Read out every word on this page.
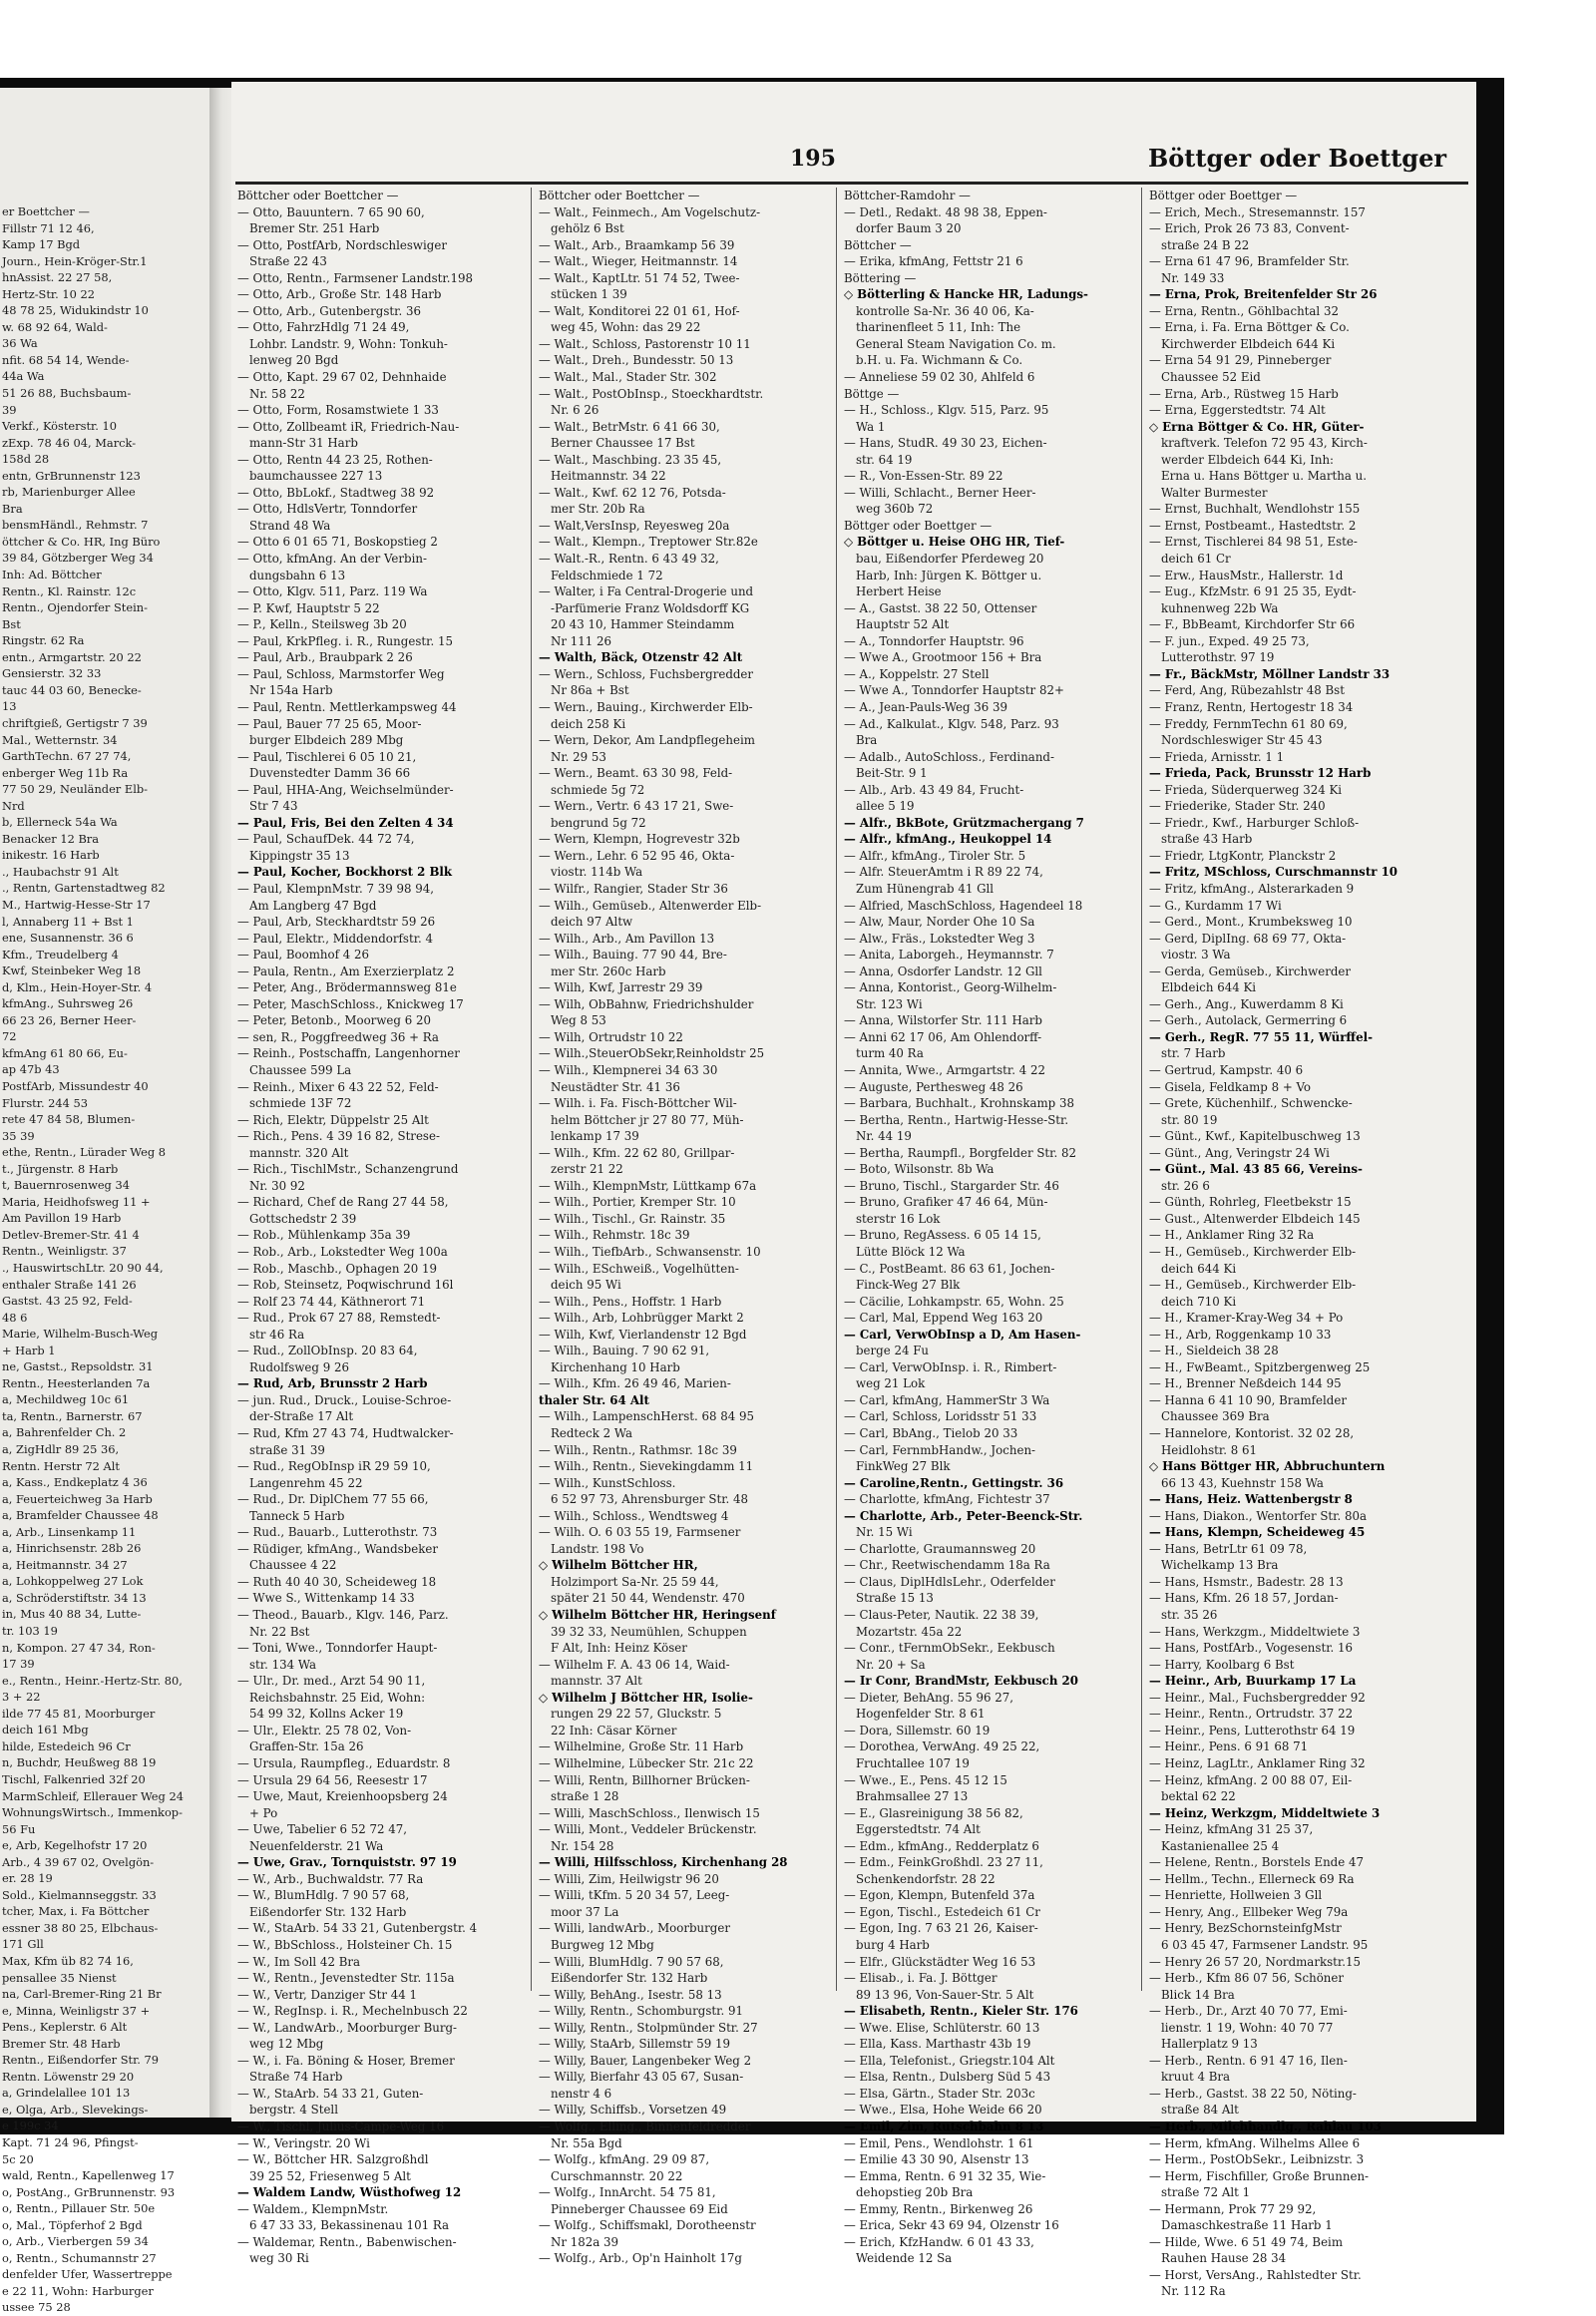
er Boettcher —
Fillstr 71 12 46,
Kamp 17 Bgd
Journ., Hein-Kröger-Str.1
hnAssist. 22 27 58,
Hertz-Str. 10 22
48 78 25, Widukindstr 10
w. 68 92 64, Wald-
36 Wa
nfit. 68 54 14, Wende-
44a Wa
51 26 88, Buchsbaum-
39
Verkf., Kösterstr. 10
zExp. 78 46 04, Marck-
158d 28
entn, GrBrunnenstr 123
rb, Marienburger Allee
Bra
bensmHändl., Rehmstr. 7
öttcher & Co. HR, Ing Büro
39 84, Götzberger Weg 34
Inh: Ad. Böttcher
Rentn., Kl. Rainstr. 12c
Rentn., Ojendorfer Stein-
Bst
Ringstr. 62 Ra
entn., Armgartstr. 20 22
Gensierstr. 32 33
tauc 44 03 60, Benecke-
13
chriftgieß, Gertigstr 7 39
Mal., Wetternstr. 34
GarthTechn. 67 27 74,
enberger Weg 11b Ra
77 50 29, Neuländer Elb-
Nrd
b, Ellerneck 54a Wa
Benacker 12 Bra
inikestr. 16 Harb
., Haubachstr 91 Alt
., Rentn, Gartenstadtweg 82
M., Hartwig-Hesse-Str 17
l, Annaberg 11 + Bst 1
ene, Susannenstr. 36 6
Kfm., Treudelberg 4
Kwf, Steinbeker Weg 18
d, Klm., Hein-Hoyer-Str. 4
kfmAng., Suhrsweg 26
66 23 26, Berner Heer-
72
kfmAng 61 80 66, Eu-
ap 47b 43
PostfArb, Missundestr 40
Flurstr. 244 53
rete 47 84 58, Blumen-
35 39
ethe, Rentn., Lürader Weg 8
t., Jürgenstr. 8 Harb
t, Bauernrosenweg 34
Maria, Heidhofsweg 11 +
Am Pavillon 19 Harb
Detlev-Bremer-Str. 41 4
Rentn., Weinligstr. 37
., HauswirtschLtr. 20 90 44,
enthaler Straße 141 26
Gastst. 43 25 92, Feld-
48 6
Marie, Wilhelm-Busch-Weg
+ Harb 1
ne, Gastst., Repsoldstr. 31
Rentn., Heesterlanden 7a
a, Mechildweg 10c 61
ta, Rentn., Barnerstr. 67
a, Bahrenfelder Ch. 2
a, ZigHdlr 89 25 36,
Rentn. Herstr 72 Alt
a, Kass., Endkeplatz 4 36
a, Feuerteichweg 3a Harb
a, Bramfelder Chaussee 48
a, Arb., Linsenkamp 11
a, Hinrichsenstr. 28b 26
a, Heitmannstr. 34 27
a, Lohkoppelweg 27 Lok
a, Schröderstiftstr. 34 13
in, Mus 40 88 34, Lutte-
tr. 103 19
n, Kompon. 27 47 34, Ron-
17 39
e., Rentn., Heinr.-Hertz-Str. 80,
3 + 22
ilde 77 45 81, Moorburger
deich 161 Mbg
hilde, Estedeich 96 Cr
n, Buchdr, Heußweg 88 19
Tischl, Falkenried 32f 20
MarmSchleif, Ellerauer Weg 24
WohnungsWirtsch., Immenkop-
56 Fu
e, Arb, Kegelhofstr 17 20
Arb., 4 39 67 02, Ovelgön-
er. 28 19
Sold., Kielmannseggstr. 33
tcher, Max, i. Fa Böttcher
essner 38 80 25, Elbchaus-
171 Gll
Max, Kfm üb 82 74 16,
pensallee 35 Nienst
na, Carl-Bremer-Ring 21 Br
e, Minna, Weinligstr 37 +
Pens., Keplerstr. 6 Alt
Bremer Str. 48 Harb
Rentn., Eißendorfer Str. 79
Rentn. Löwenstr 29 20
a, Grindelallee 101 13
e, Olga, Arb., Slevekings-
e 199c 34
Kapt. 71 24 96, Pfingst-
5c 20
wald, Rentn., Kapellenweg 17
o, PostAng., GrBrunnenstr. 93
o, Rentn., Pillauer Str. 50e
o, Mal., Töpferhof 2 Bgd
o, Arb., Vierbergen 59 34
o, Rentn., Schumannstr 27
denfelder Ufer, Wassertreppe
e 22 11, Wohn: Harburger
ussee 75 28
195	Böttger oder Boettger
Böttcher oder Boettcher —
— Otto, Bauuntern. 7 65 90 60,
Bremer Str. 251 Harb
— Otto, PostfArb, Nordschleswiger
Straße 22 43
— Otto, Rentn., Farmsener Landstr.198
— Otto, Arb., Große Str. 148 Harb
— Otto, Arb., Gutenbergstr. 36
— Otto, FahrzHdlg 71 24 49,
Lohbr. Landstr. 9, Wohn: Tonkuh-
lenweg 20 Bgd
— Otto, Kapt. 29 67 02, Dehnhaide
Nr. 58 22
— Otto, Form, Rosamstwiete 1 33
— Otto, Zollbeamt iR, Friedrich-Nau-
mann-Str 31 Harb
— Otto, Rentn 44 23 25, Rothen-
baumchaussee 227 13
— Otto, BbLokf., Stadtweg 38 92
— Otto, HdlsVertr, Tonndorfer
Strand 48 Wa
— Otto 6 01 65 71, Boskopstieg 2
— Otto, kfmAng. An der Verbin-
dungsbahn 6 13
— Otto, Klgv. 511, Parz. 119 Wa
— P. Kwf, Hauptstr 5 22
— P., Kelln., Steilsweg 3b 20
— Paul, KrkPfleg. i. R., Rungestr. 15
— Paul, Arb., Braubpark 2 26
— Paul, Schloss, Marmstorfer Weg
Nr 154a Harb
— Paul, Rentn. Mettlerkampsweg 44
— Paul, Bauer 77 25 65, Moor-
burger Elbdeich 289 Mbg
— Paul, Tischlerei 6 05 10 21,
Duvenstedter Damm 36 66
— Paul, HHA-Ang, Weichselmünder-
Str 7 43
— Paul, Fris, Bei den Zelten 4 34
— Paul, SchaufDek. 44 72 74,
Kippingstr 35 13
— Paul, Kocher, Bockhorst 2 Blk
— Paul, KlempnMstr. 7 39 98 94,
Am Langberg 47 Bgd
— Paul, Arb, Steckhardtstr 59 26
— Paul, Elektr., Middendorfstr. 4
— Paul, Boomhof 4 26
— Paula, Rentn., Am Exerzierplatz 2
— Peter, Ang., Brödermannsweg 81e
— Peter, MaschSchloss., Knickweg 17
— Peter, Betonb., Moorweg 6 20
— sen, R., Poggfreedweg 36 + Ra
— Reinh., Postschaffn, Langenhorner
Chaussee 599 La
— Reinh., Mixer 6 43 22 52, Feld-
schmiede 13F 72
— Rich, Elektr, Düppelstr 25 Alt
— Rich., Pens. 4 39 16 82, Strese-
mannstr. 320 Alt
— Rich., TischlMstr., Schanzengrund
Nr. 30 92
— Richard, Chef de Rang 27 44 58,
Gottschedstr 2 39
— Rob., Mühlenkamp 35a 39
— Rob., Arb., Lokstedter Weg 100a
— Rob., Maschb., Ophagen 20 19
— Rob, Steinsetz, Poqwischrund 16l
— Rolf 23 74 44, Käthnerort 71
— Rud., Prok 67 27 88, Remstedt-
str 46 Ra
— Rud., ZollObInsp. 20 83 64,
Rudolfsweg 9 26
— Rud, Arb, Brunsstr 2 Harb
— jun. Rud., Druck., Louise-Schroe-
der-Straße 17 Alt
— Rud, Kfm 27 43 74, Hudtwalcker-
straße 31 39
— Rud., RegObInsp iR 29 59 10,
Langenrehm 45 22
— Rud., Dr. DiplChem 77 55 66,
Tanneck 5 Harb
— Rud., Bauarb., Lutterothstr. 73
— Rüdiger, kfmAng., Wandsbeker
Chaussee 4 22
— Ruth 40 40 30, Scheideweg 18
— Wwe S., Wittenkamp 14 33
— Theod., Bauarb., Klgv. 146, Parz.
Nr. 22 Bst
— Toni, Wwe., Tonndorfer Haupt-
str. 134 Wa
— Ulr., Dr. med., Arzt 54 90 11,
Reichsbahnstr. 25 Eid, Wohn:
54 99 32, Kollns Acker 19
— Ulr., Elektr. 25 78 02, Von-
Graffen-Str. 15a 26
— Ursula, Raumpfleg., Eduardstr. 8
— Ursula 29 64 56, Reesestr 17
— Uwe, Maut, Kreienhoopsberg 24
+ Po
— Uwe, Tabelier 6 52 72 47,
Neuenfelderstr. 21 Wa
— Uwe, Grav., Tornquiststr. 97 19
— W., Arb., Buchwaldstr. 77 Ra
— W., BlumHdlg. 7 90 57 68,
Eißendorfer Str. 132 Harb
— W., StaArb. 54 33 21, Gutenbergstr. 4
— W., BbSchloss., Holsteiner Ch. 15
— W., Im Soll 42 Bra
— W., Rentn., Jevenstedter Str. 115a
— W., Vertr, Danziger Str 44 1
— W., RegInsp. i. R., Mechelnbusch 22
— W., LandwArb., Moorburger Burg-
weg 12 Mbg
— W., i. Fa. Böning & Hoser, Bremer
Straße 74 Harb
— W., StaArb. 54 33 21, Guten-
bergstr. 4 Stell
— W., Tischl, Julius-Campe-Weg 16
— W., Veringstr. 20 Wi
— W., Böttcher HR. Salzgroßhdl
39 25 52, Friesenweg 5 Alt
— Waldem Landw, Wüsthofweg 12
— Waldem., KlempnMstr.
6 47 33 33, Bekassinenau 101 Ra
— Waldemar, Rentn., Babenwischen-
weg 30 Ri
Böttcher oder Boettcher —
— Walt., Feinmech., Am Vogelschutz-
gehölz 6 Bst
— Walt., Arb., Braamkamp 56 39
— Walt., Wieger, Heitmannstr. 14
— Walt., KaptLtr. 51 74 52, Twee-
stücken 1 39
— Walt, Konditorei 22 01 61, Hof-
weg 45, Wohn: das 29 22
— Walt., Schloss, Pastorenstr 10 11
— Walt., Dreh., Bundesstr. 50 13
— Walt., Mal., Stader Str. 302
— Walt., PostObInsp., Stoeckhardtstr.
Nr. 6 26
— Walt., BetrMstr. 6 41 66 30,
Berner Chaussee 17 Bst
— Walt., Maschbing. 23 35 45,
Heitmannstr. 34 22
— Walt., Kwf. 62 12 76, Potsda-
mer Str. 20b Ra
— Walt,VersInsp, Reyesweg 20a
— Walt., Klempn., Treptower Str.82e
— Walt.-R., Rentn. 6 43 49 32,
Feldschmiede 1 72
— Walter, i Fa Central-Drogerie und
-Parfümerie Franz Woldsdorff KG
20 43 10, Hammer Steindamm
Nr 111 26
— Walth, Bäck, Otzenstr 42 Alt
— Wern., Schloss, Fuchsbergredder
Nr 86a + Bst
— Wern., Bauing., Kirchwerder Elb-
deich 258 Ki
— Wern, Dekor, Am Landpflegeheim
Nr. 29 53
— Wern., Beamt. 63 30 98, Feld-
schmiede 5g 72
— Wern., Vertr. 6 43 17 21, Swe-
bengrund 5g 72
— Wern, Klempn, Hogrevestr 32b
— Wern., Lehr. 6 52 95 46, Okta-
viostr. 114b Wa
— Wilfr., Rangier, Stader Str 36
— Wilh., Gemüseb., Altenwerder Elb-
deich 97 Altw
— Wilh., Arb., Am Pavillon 13
— Wilh., Bauing. 77 90 44, Bre-
mer Str. 260c Harb
— Wilh, Kwf, Jarrestr 29 39
— Wilh, ObBahnw, Friedrichshulder
Weg 8 53
— Wilh, Ortrudstr 10 22
— Wilh.,SteuerObSekr,Reinholdstr 25
— Wilh., Klempnerei 34 63 30
Neustädter Str. 41 36
— Wilh. i. Fa. Fisch-Böttcher Wil-
helm Böttcher jr 27 80 77, Müh-
lenkamp 17 39
— Wilh., Kfm. 22 62 80, Grillpar-
zerstr 21 22
— Wilh., KlempnMstr, Lüttkamp 67a
— Wilh., Portier, Kremper Str. 10
— Wilh., Tischl., Gr. Rainstr. 35
— Wilh., Rehmstr. 18c 39
— Wilh., TiefbArb., Schwansenstr. 10
— Wilh., ESchweiß., Vogelhütten-
deich 95 Wi
— Wilh., Pens., Hoffstr. 1 Harb
— Wilh., Arb, Lohbrügger Markt 2
— Wilh, Kwf, Vierlandenstr 12 Bgd
— Wilh., Bauing. 7 90 62 91,
Kirchenhang 10 Harb
— Wilh., Kfm. 26 49 46, Marien-
thaler Str. 64 Alt
— Wilh., LampenschHerst. 68 84 95
Redteck 2 Wa
— Wilh., Rentn., Rathmsr. 18c 39
— Wilh., Rentn., Sievekingdamm 11
— Wilh., KunstSchloss.
6 52 97 73, Ahrensburger Str. 48
— Wilh., Schloss., Wendtsweg 4
— Wilh. O. 6 03 55 19, Farmsener
Landstr. 198 Vo
◇ Wilhelm Böttcher HR,
Holzimport Sa-Nr. 25 59 44,
später 21 50 44, Wendenstr. 470
◇ Wilhelm Böttcher HR, Heringsenf
39 32 33, Neumühlen, Schuppen
F Alt, Inh: Heinz Köser
— Wilhelm F. A. 43 06 14, Waid-
mannstr. 37 Alt
◇ Wilhelm J Böttcher HR, Isolie-
rungen 29 22 57, Gluckstr. 5
22 Inh: Cäsar Körner
— Wilhelmine, Große Str. 11 Harb
— Wilhelmine, Lübecker Str. 21c 22
— Willi, Rentn, Billhorner Brücken-
straße 1 28
— Willi, MaschSchloss., Ilenwisch 15
— Willi, Mont., Veddeler Brückenstr.
Nr. 154 28
— Willi, Hilfsschloss, Kirchenhang 28
— Willi, Zim, Heilwigstr 96 20
— Willi, tKfm. 5 20 34 57, Leeg-
moor 37 La
— Willi, landwArb., Moorburger
Burgweg 12 Mbg
— Willi, BlumHdlg. 7 90 57 68,
Eißendorfer Str. 132 Harb
— Willy, BehAng., Isestr. 58 13
— Willy, Rentn., Schomburgstr. 91
— Willy, Rentn., Stolpmünder Str. 27
— Willy, StaArb, Sillemstr 59 19
— Willy, Bauer, Langenbeker Weg 2
— Willy, Bierfahr 43 05 67, Susan-
nenstr 4 6
— Willy, Schiffsb., Vorsetzen 49
— Wolfg., Elling., Binnenfeldredder
Nr. 55a Bgd
— Wolfg., kfmAng. 29 09 87,
Curschmannstr. 20 22
— Wolfg., InnArcht. 54 75 81,
Pinneberger Chaussee 69 Eid
— Wolfg., Schiffsmakl, Dorotheenstr
Nr 182a 39
— Wolfg., Arb., Op'n Hainholt 17g
Böttcher-Ramdohr —
— Detl., Redakt. 48 98 38, Eppen-
dorfer Baum 3 20
Böttcher —
— Erika, kfmAng, Fettstr 21 6
Böttering —
◇ Bötterling & Hancke HR, Ladungs-
kontrolle Sa-Nr. 36 40 06, Ka-
tharinenfleet 5 11, Inh: The
General Steam Navigation Co. m.
b.H. u. Fa. Wichmann & Co.
— Anneliese 59 02 30, Ahlfeld 6
Böttge —
— H., Schloss., Klgv. 515, Parz. 95
Wa 1
— Hans, StudR. 49 30 23, Eichen-
str. 64 19
— R., Von-Essen-Str. 89 22
— Willi, Schlacht., Berner Heer-
weg 360b 72
Böttger oder Boettger —
◇ Böttger u. Heise OHG HR, Tief-
bau, Eißendorfer Pferdeweg 20
Harb, Inh: Jürgen K. Böttger u.
Herbert Heise
— A., Gastst. 38 22 50, Ottenser
Hauptstr 52 Alt
— A., Tonndorfer Hauptstr. 96
— Wwe A., Grootmoor 156 + Bra
— A., Koppelstr. 27 Stell
— Wwe A., Tonndorfer Hauptstr 82+
— A., Jean-Pauls-Weg 36 39
— Ad., Kalkulat., Klgv. 548, Parz. 93
Bra
— Adalb., AutoSchloss., Ferdinand-
Beit-Str. 9 1
— Alb., Arb. 43 49 84, Frucht-
allee 5 19
— Alfr., BkBote, Grützmachergang 7
— Alfr., kfmAng., Heukoppel 14
— Alfr., kfmAng., Tiroler Str. 5
— Alfr. SteuerAmtm i R 89 22 74,
Zum Hünengrab 41 Gll
— Alfried, MaschSchloss, Hagendeel 18
— Alw, Maur, Norder Ohe 10 Sa
— Alw., Fräs., Lokstedter Weg 3
— Anita, Laborgeh., Heymannstr. 7
— Anna, Osdorfer Landstr. 12 Gll
— Anna, Kontorist., Georg-Wilhelm-
Str. 123 Wi
— Anna, Wilstorfer Str. 111 Harb
— Anni 62 17 06, Am Ohlendorff-
turm 40 Ra
— Annita, Wwe., Armgartstr. 4 22
— Auguste, Perthesweg 48 26
— Barbara, Buchhalt., Krohnskamp 38
— Bertha, Rentn., Hartwig-Hesse-Str.
Nr. 44 19
— Bertha, Raumpfl., Borgfelder Str. 82
— Boto, Wilsonstr. 8b Wa
— Bruno, Tischl., Stargarder Str. 46
— Bruno, Grafiker 47 46 64, Mün-
sterstr 16 Lok
— Bruno, RegAssess. 6 05 14 15,
Lütte Blöck 12 Wa
— C., PostBeamt. 86 63 61, Jochen-
Finck-Weg 27 Blk
— Cäcilie, Lohkampstr. 65, Wohn. 25
— Carl, Mal, Eppend Weg 163 20
— Carl, VerwObInsp a D, Am Hasen-
berge 24 Fu
— Carl, VerwObInsp. i. R., Rimbert-
weg 21 Lok
— Carl, kfmAng, HammerStr 3 Wa
— Carl, Schloss, Loridsstr 51 33
— Carl, BbAng., Tielob 20 33
— Carl, FernmbHandw., Jochen-
FinkWeg 27 Blk
— Caroline,Rentn., Gettingstr. 36
— Charlotte, kfmAng, Fichtestr 37
— Charlotte, Arb., Peter-Beenck-Str.
Nr. 15 Wi
— Charlotte, Graumannsweg 20
— Chr., Reetwischendamm 18a Ra
— Claus, DiplHdlsLehr., Oderfelder
Straße 15 13
— Claus-Peter, Nautik. 22 38 39,
Mozartstr. 45a 22
— Conr., tFernmObSekr., Eekbusch
Nr. 20 + Sa
— Ir Conr, BrandMstr, Eekbusch 20
— Dieter, BehAng. 55 96 27,
Hogenfelder Str. 8 61
— Dora, Sillemstr. 60 19
— Dorothea, VerwAng. 49 25 22,
Fruchtallee 107 19
— Wwe., E., Pens. 45 12 15
Brahmsallee 27 13
— E., Glasreinigung 38 56 82,
Eggerstedtstr. 74 Alt
— Edm., kfmAng., Redderplatz 6
— Edm., FeinkGroßhdl. 23 27 11,
Schenkendorfstr. 28 22
— Egon, Klempn, Butenfeld 37a
— Egon, Tischl., Estedeich 61 Cr
— Egon, Ing. 7 63 21 26, Kaiser-
burg 4 Harb
— Elfr., Glückstädter Weg 16 53
— Elisab., i. Fa. J. Böttger
89 13 96, Von-Sauer-Str. 5 Alt
— Elisabeth, Rentn., Kieler Str. 176
— Wwe. Elise, Schlüterstr. 60 13
— Ella, Kass. Marthastr 43b 19
— Ella, Telefonist., Griegstr.104 Alt
— Elsa, Rentn., Dulsberg Süd 5 43
— Elsa, Gärtn., Stader Str. 203c
— Wwe., Elsa, Hohe Weide 66 20
— Emil, Zim, Rutschbahn 8 13
— Emil, Pens., Wendlohstr. 1 61
— Emilie 43 30 90, Alsenstr 13
— Emma, Rentn. 6 91 32 35, Wie-
dehopstieg 20b Bra
— Emmy, Rentn., Birkenweg 26
— Erica, Sekr 43 69 94, Olzenstr 16
— Erich, KfzHandw. 6 01 43 33,
Weidende 12 Sa
Böttger oder Boettger —
— Erich, Mech., Stresemannstr. 157
— Erich, Prok 26 73 83, Convent-
straße 24 B 22
— Erna 61 47 96, Bramfelder Str.
Nr. 149 33
— Erna, Prok, Breitenfelder Str 26
— Erna, Rentn., Göhlbachtal 32
— Erna, i. Fa. Erna Böttger & Co.
Kirchwerder Elbdeich 644 Ki
— Erna 54 91 29, Pinneberger
Chaussee 52 Eid
— Erna, Arb., Rüstweg 15 Harb
— Erna, Eggerstedtstr. 74 Alt
◇ Erna Böttger & Co. HR, Güter-
kraftverk. Telefon 72 95 43, Kirch-
werder Elbdeich 644 Ki, Inh:
Erna u. Hans Böttger u. Martha u.
Walter Burmester
— Ernst, Buchhalt, Wendlohstr 155
— Ernst, Postbeamt., Hastedtstr. 2
— Ernst, Tischlerei 84 98 51, Este-
deich 61 Cr
— Erw., HausMstr., Hallerstr. 1d
— Eug., KfzMstr. 6 91 25 35, Eydt-
kuhnenweg 22b Wa
— F., BbBeamt, Kirchdorfer Str 66
— F. jun., Exped. 49 25 73,
Lutterothstr. 97 19
— Fr., BäckMstr, Möllner Landstr 33
— Ferd, Ang, Rübezahlstr 48 Bst
— Franz, Rentn, Hertogestr 18 34
— Freddy, FernmTechn 61 80 69,
Nordschleswiger Str 45 43
— Frieda, Arnisstr. 1 1
— Frieda, Pack, Brunsstr 12 Harb
— Frieda, Süderquerweg 324 Ki
— Friederike, Stader Str. 240
— Friedr., Kwf., Harburger Schloß-
straße 43 Harb
— Friedr, LtgKontr, Planckstr 2
— Fritz, MSchloss, Curschmannstr 10
— Fritz, kfmAng., Alsterarkaden 9
— G., Kurdamm 17 Wi
— Gerd., Mont., Krumbeksweg 10
— Gerd, DiplIng. 68 69 77, Okta-
viostr. 3 Wa
— Gerda, Gemüseb., Kirchwerder
Elbdeich 644 Ki
— Gerh., Ang., Kuwerdamm 8 Ki
— Gerh., Autolack, Germerring 6
— Gerh., RegR. 77 55 11, Würffel-
str. 7 Harb
— Gertrud, Kampstr. 40 6
— Gisela, Feldkamp 8 + Vo
— Grete, Küchenhilf., Schwencke-
str. 80 19
— Günt., Kwf., Kapitelbuschweg 13
— Günt., Ang, Veringstr 24 Wi
— Günt., Mal. 43 85 66, Vereins-
str. 26 6
— Günth, Rohrleg, Fleetbekstr 15
— Gust., Altenwerder Elbdeich 145
— H., Anklamer Ring 32 Ra
— H., Gemüseb., Kirchwerder Elb-
deich 644 Ki
— H., Gemüseb., Kirchwerder Elb-
deich 710 Ki
— H., Kramer-Kray-Weg 34 + Po
— H., Arb, Roggenkamp 10 33
— H., Sieldeich 38 28
— H., FwBeamt., Spitzbergenweg 25
— H., Brenner Neßdeich 144 95
— Hanna 6 41 10 90, Bramfelder
Chaussee 369 Bra
— Hannelore, Kontorist. 32 02 28,
Heidlohstr. 8 61
◇ Hans Böttger HR, Abbruchuntern
66 13 43, Kuehnstr 158 Wa
— Hans, Heiz. Wattenbergstr 8
— Hans, Diakon., Wentorfer Str. 80a
— Hans, Klempn, Scheideweg 45
— Hans, BetrLtr 61 09 78,
Wichelkamp 13 Bra
— Hans, Hsmstr., Badestr. 28 13
— Hans, Kfm. 26 18 57, Jordan-
str. 35 26
— Hans, Werkzgm., Middeltwiete 3
— Hans, PostfArb., Vogesenstr. 16
— Harry, Koolbarg 6 Bst
— Heinr., Arb, Buurkamp 17 La
— Heinr., Mal., Fuchsbergredder 92
— Heinr., Rentn., Ortrudstr. 37 22
— Heinr., Pens, Lutterothstr 64 19
— Heinr., Pens. 6 91 68 71
— Heinz, LagLtr., Anklamer Ring 32
— Heinz, kfmAng. 2 00 88 07, Eil-
bektal 62 22
— Heinz, Werkzgm, Middeltwiete 3
— Heinz, kfmAng 31 25 37,
Kastanienallee 25 4
— Helene, Rentn., Borstels Ende 47
— Hellm., Techn., Ellerneck 69 Ra
— Henriette, Hollweien 3 Gll
— Henry, Ang., Ellbeker Weg 79a
— Henry, BezSchornsteinfgMstr
6 03 45 47, Farmsener Landstr. 95
— Henry 26 57 20, Nordmarkstr.15
— Herb., Kfm 86 07 56, Schöner
Blick 14 Bra
— Herb., Dr., Arzt 40 70 77, Emi-
lienstr. 1 19, Wohn: 40 70 77
Hallerplatz 9 13
— Herb., Rentn. 6 91 47 16, Ilen-
kruut 4 Bra
— Herb., Gastst. 38 22 50, Nöting-
straße 84 Alt
— Herb., Milchhandlg., Rahlau 103
— Herm, kfmAng. Wilhelms Allee 6
— Herm., PostObSekr., Leibnizstr. 3
— Herm, Fischfiller, Große Brunnen-
straße 72 Alt 1
— Hermann, Prok 77 29 92,
Damaschkestraße 11 Harb 1
— Hilde, Wwe. 6 51 49 74, Beim
Rauhen Hause 28 34
— Horst, VersAng., Rahlstedter Str.
Nr. 112 Ra
